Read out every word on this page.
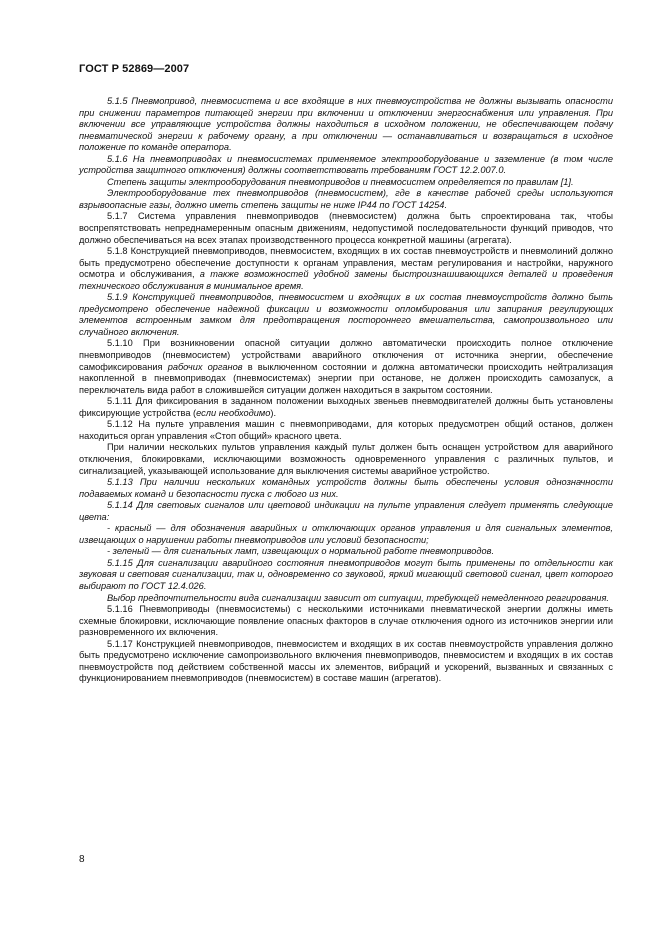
ГОСТ Р 52869—2007

5.1.5 Пневмопривод, пневмосистема и все входящие в них пневмоустройства не должны вызывать опасности при снижении параметров питающей энергии при включении и отключении энергоснабжения или управления. При включении все управляющие устройства должны находиться в исходном положении, не обеспечивающем подачу пневматической энергии к рабочему органу, а при отключении — останавливаться и возвращаться в исходное положение по команде оператора.

5.1.6 На пневмоприводах и пневмосистемах применяемое электрооборудование и заземление (в том числе устройства защитного отключения) должны соответствовать требованиям ГОСТ 12.2.007.0.

Степень защиты электрооборудования пневмоприводов и пневмосистем определяется по правилам [1].

Электрооборудование тех пневмоприводов (пневмосистем), где в качестве рабочей среды используются взрывоопасные газы, должно иметь степень защиты не ниже IP44 по ГОСТ 14254.

5.1.7 Система управления пневмоприводов (пневмосистем) должна быть спроектирована так, чтобы воспрепятствовать непреднамеренным опасным движениям, недопустимой последовательности функций приводов, что должно обеспечиваться на всех этапах производственного процесса конкретной машины (агрегата).

5.1.8 Конструкцией пневмоприводов, пневмосистем, входящих в их состав пневмоустройств и пневмолиний должно быть предусмотрено обеспечение доступности к органам управления, местам регулирования и настройки, наружного осмотра и обслуживания, а также возможностей удобной замены быстроизнашивающихся деталей и проведения технического обслуживания в минимальное время.

5.1.9 Конструкцией пневмоприводов, пневмосистем и входящих в их состав пневмоустройств должно быть предусмотрено обеспечение надежной фиксации и возможности опломбирования или запирания регулирующих элементов встроенным замком для предотвращения постороннего вмешательства, самопроизвольного или случайного включения.

5.1.10 При возникновении опасной ситуации должно автоматически происходить полное отключение пневмоприводов (пневмосистем) устройствами аварийного отключения от источника энергии, обеспечение самофиксирования рабочих органов в выключенном состоянии и должна автоматически происходить нейтрализация накопленной в пневмоприводах (пневмосистемах) энергии при останове, не должен происходить самозапуск, а переключатель вида работ в сложившейся ситуации должен находиться в закрытом состоянии.

5.1.11 Для фиксирования в заданном положении выходных звеньев пневмодвигателей должны быть установлены фиксирующие устройства (если необходимо).

5.1.12 На пульте управления машин с пневмоприводами, для которых предусмотрен общий останов, должен находиться орган управления «Стоп общий» красного цвета.

При наличии нескольких пультов управления каждый пульт должен быть оснащен устройством для аварийного отключения, блокировками, исключающими возможность одновременного управления с различных пультов, и сигнализацией, указывающей использование для выключения системы аварийное устройство.

5.1.13 При наличии нескольких командных устройств должны быть обеспечены условия однозначности подаваемых команд и безопасности пуска с любого из них.

5.1.14 Для световых сигналов или цветовой индикации на пульте управления следует применять следующие цвета:

- красный — для обозначения аварийных и отключающих органов управления и для сигнальных элементов, извещающих о нарушении работы пневмоприводов или условий безопасности;

- зеленый — для сигнальных ламп, извещающих о нормальной работе пневмоприводов.

5.1.15 Для сигнализации аварийного состояния пневмоприводов могут быть применены по отдельности как звуковая и световая сигнализации, так и, одновременно со звуковой, яркий мигающий световой сигнал, цвет которого выбирают по ГОСТ 12.4.026.

Выбор предпочтительности вида сигнализации зависит от ситуации, требующей немедленного реагирования.

5.1.16 Пневмоприводы (пневмосистемы) с несколькими источниками пневматической энергии должны иметь схемные блокировки, исключающие появление опасных факторов в случае отключения одного из источников энергии или разновременного их включения.

5.1.17 Конструкцией пневмоприводов, пневмосистем и входящих в их состав пневмоустройств управления должно быть предусмотрено исключение самопроизвольного включения пневмоприводов, пневмосистем и входящих в их состав пневмоустройств под действием собственной массы их элементов, вибраций и ускорений, вызванных и связанных с функционированием пневмоприводов (пневмосистем) в составе машин (агрегатов).

8
